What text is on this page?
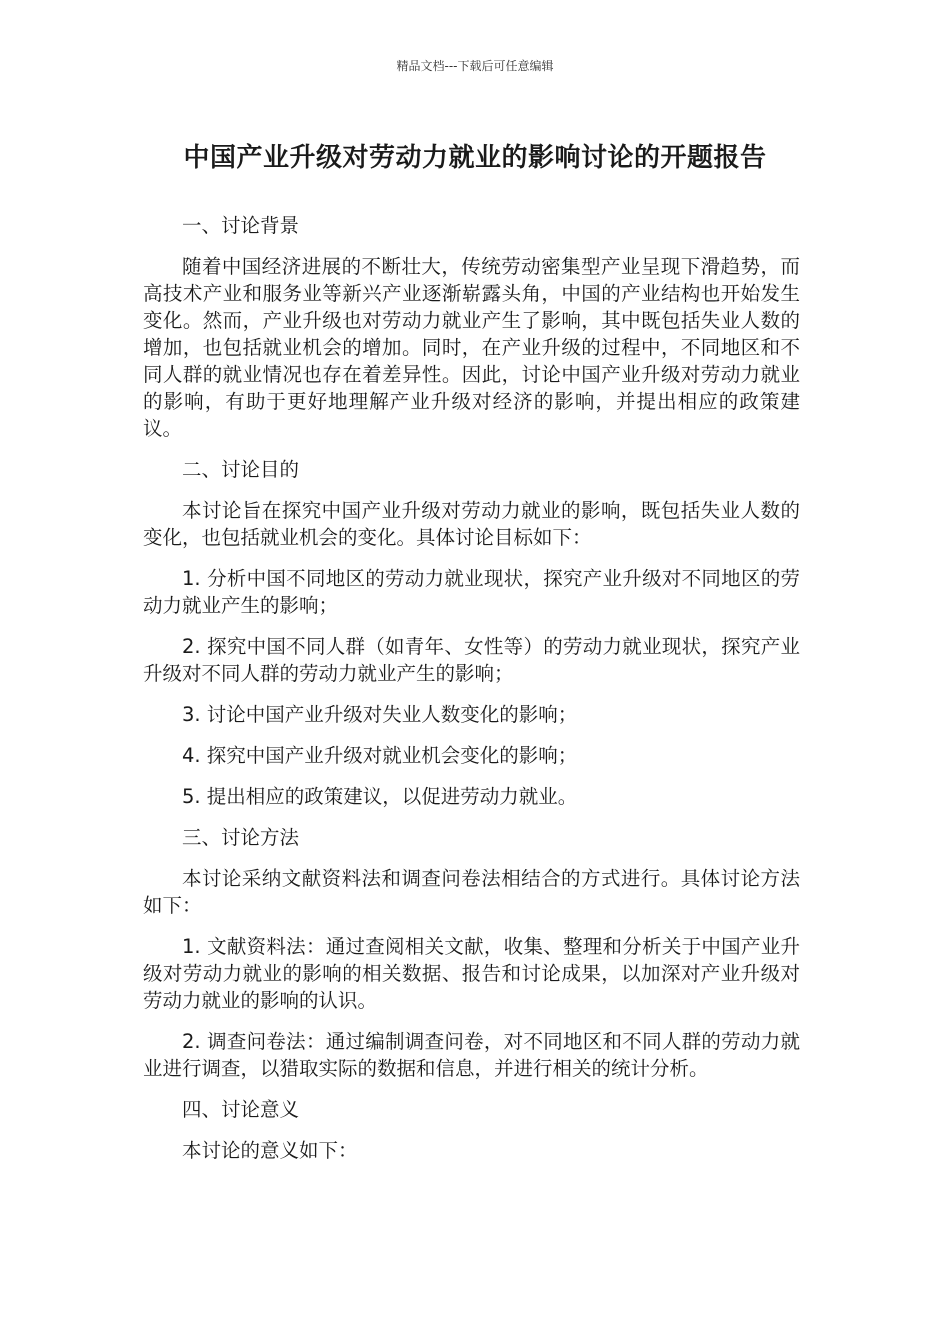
精品文档---下载后可任意编辑
中国产业升级对劳动力就业的影响讨论的开题报告

一、讨论背景

随着中国经济进展的不断壮大，传统劳动密集型产业呈现下滑趋势，而高技术产业和服务业等新兴产业逐渐崭露头角，中国的产业结构也开始发生变化。然而，产业升级也对劳动力就业产生了影响，其中既包括失业人数的增加，也包括就业机会的增加。同时，在产业升级的过程中，不同地区和不同人群的就业情况也存在着差异性。因此，讨论中国产业升级对劳动力就业的影响，有助于更好地理解产业升级对经济的影响，并提出相应的政策建议。

二、讨论目的

本讨论旨在探究中国产业升级对劳动力就业的影响，既包括失业人数的变化，也包括就业机会的变化。具体讨论目标如下：

1. 分析中国不同地区的劳动力就业现状，探究产业升级对不同地区的劳动力就业产生的影响；

2. 探究中国不同人群（如青年、女性等）的劳动力就业现状，探究产业升级对不同人群的劳动力就业产生的影响；

3. 讨论中国产业升级对失业人数变化的影响；

4. 探究中国产业升级对就业机会变化的影响；

5. 提出相应的政策建议，以促进劳动力就业。

三、讨论方法

本讨论采纳文献资料法和调查问卷法相结合的方式进行。具体讨论方法如下：

1. 文献资料法：通过查阅相关文献，收集、整理和分析关于中国产业升级对劳动力就业的影响的相关数据、报告和讨论成果，以加深对产业升级对劳动力就业的影响的认识。

2. 调查问卷法：通过编制调查问卷，对不同地区和不同人群的劳动力就业进行调查，以猎取实际的数据和信息，并进行相关的统计分析。

四、讨论意义

本讨论的意义如下：
